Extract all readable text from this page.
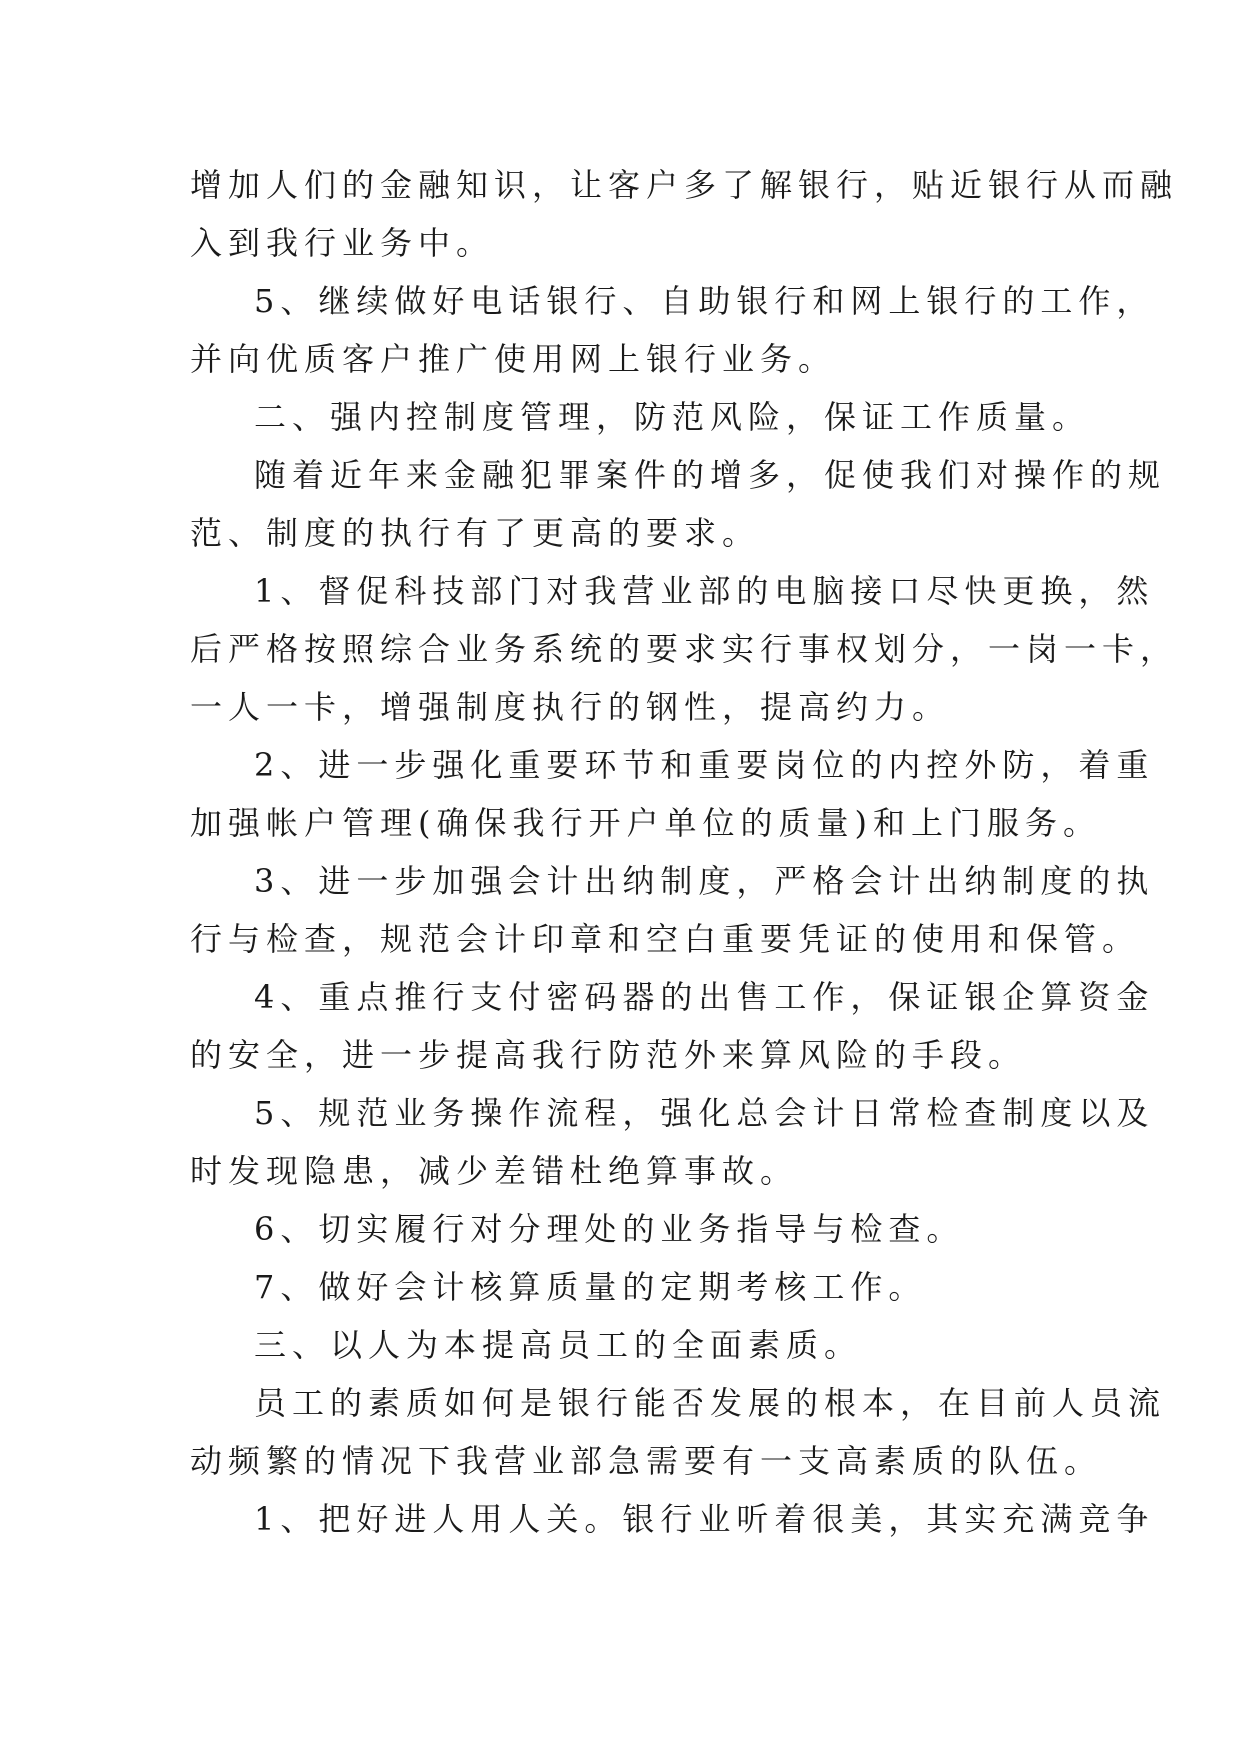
增加人们的金融知识，让客户多了解银行，贴近银行从而融
入到我行业务中。
5、继续做好电话银行、自助银行和网上银行的工作，
并向优质客户推广使用网上银行业务。
二、强内控制度管理，防范风险，保证工作质量。
随着近年来金融犯罪案件的增多，促使我们对操作的规
范、制度的执行有了更高的要求。
1、督促科技部门对我营业部的电脑接口尽快更换，然
后严格按照综合业务系统的要求实行事权划分，一岗一卡，
一人一卡，增强制度执行的钢性，提高约力。
2、进一步强化重要环节和重要岗位的内控外防，着重
加强帐户管理(确保我行开户单位的质量)和上门服务。
3、进一步加强会计出纳制度，严格会计出纳制度的执
行与检查，规范会计印章和空白重要凭证的使用和保管。
4、重点推行支付密码器的出售工作，保证银企算资金
的安全，进一步提高我行防范外来算风险的手段。
5、规范业务操作流程，强化总会计日常检查制度以及
时发现隐患，减少差错杜绝算事故。
6、切实履行对分理处的业务指导与检查。
7、做好会计核算质量的定期考核工作。
三、以人为本提高员工的全面素质。
员工的素质如何是银行能否发展的根本，在目前人员流
动频繁的情况下我营业部急需要有一支高素质的队伍。
1、把好进人用人关。银行业听着很美，其实充满竞争
